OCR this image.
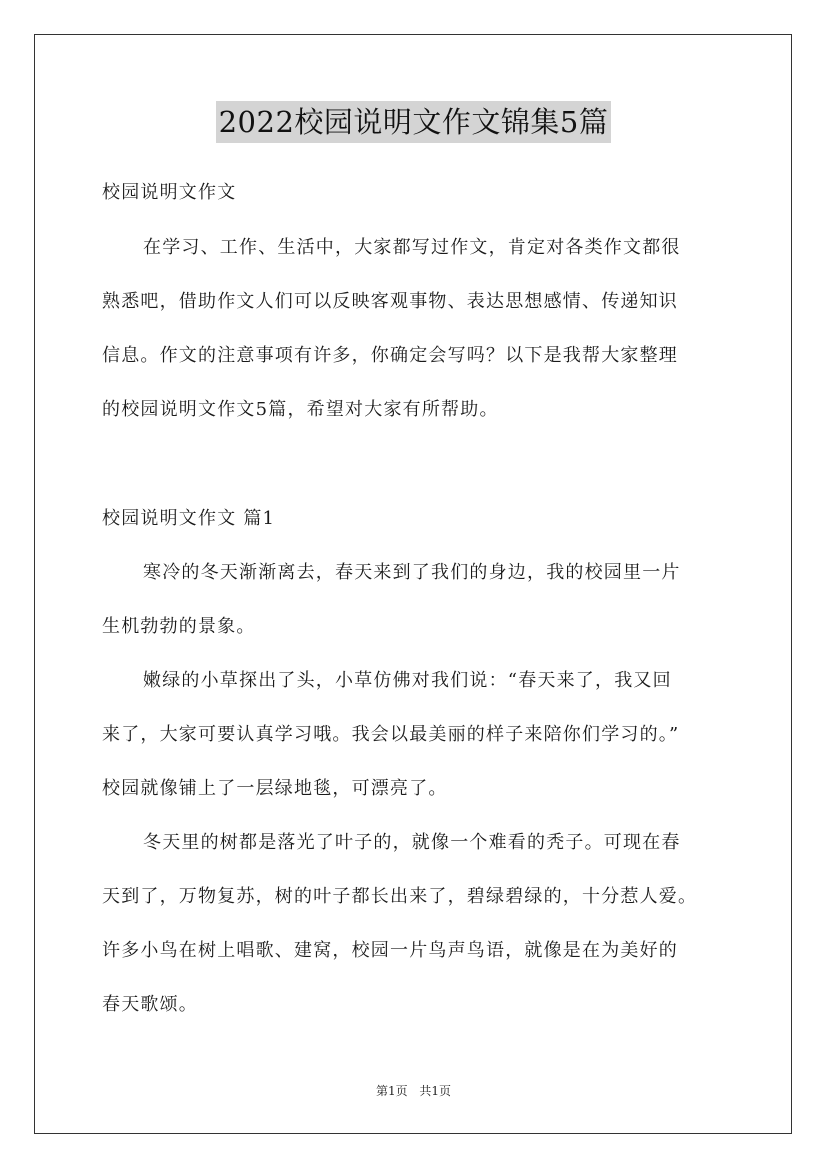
2022校园说明文作文锦集5篇
校园说明文作文
在学习、工作、生活中，大家都写过作文，肯定对各类作文都很
熟悉吧，借助作文人们可以反映客观事物、表达思想感情、传递知识
信息。作文的注意事项有许多，你确定会写吗？以下是我帮大家整理
的校园说明文作文5篇，希望对大家有所帮助。
校园说明文作文 篇1
寒冷的冬天渐渐离去，春天来到了我们的身边，我的校园里一片
生机勃勃的景象。
嫩绿的小草探出了头，小草仿佛对我们说：“春天来了，我又回
来了，大家可要认真学习哦。我会以最美丽的样子来陪你们学习的。”
校园就像铺上了一层绿地毯，可漂亮了。
冬天里的树都是落光了叶子的，就像一个难看的秃子。可现在春
天到了，万物复苏，树的叶子都长出来了，碧绿碧绿的，十分惹人爱。
许多小鸟在树上唱歌、建窝，校园一片鸟声鸟语，就像是在为美好的
春天歌颂。
第1页 共1页
